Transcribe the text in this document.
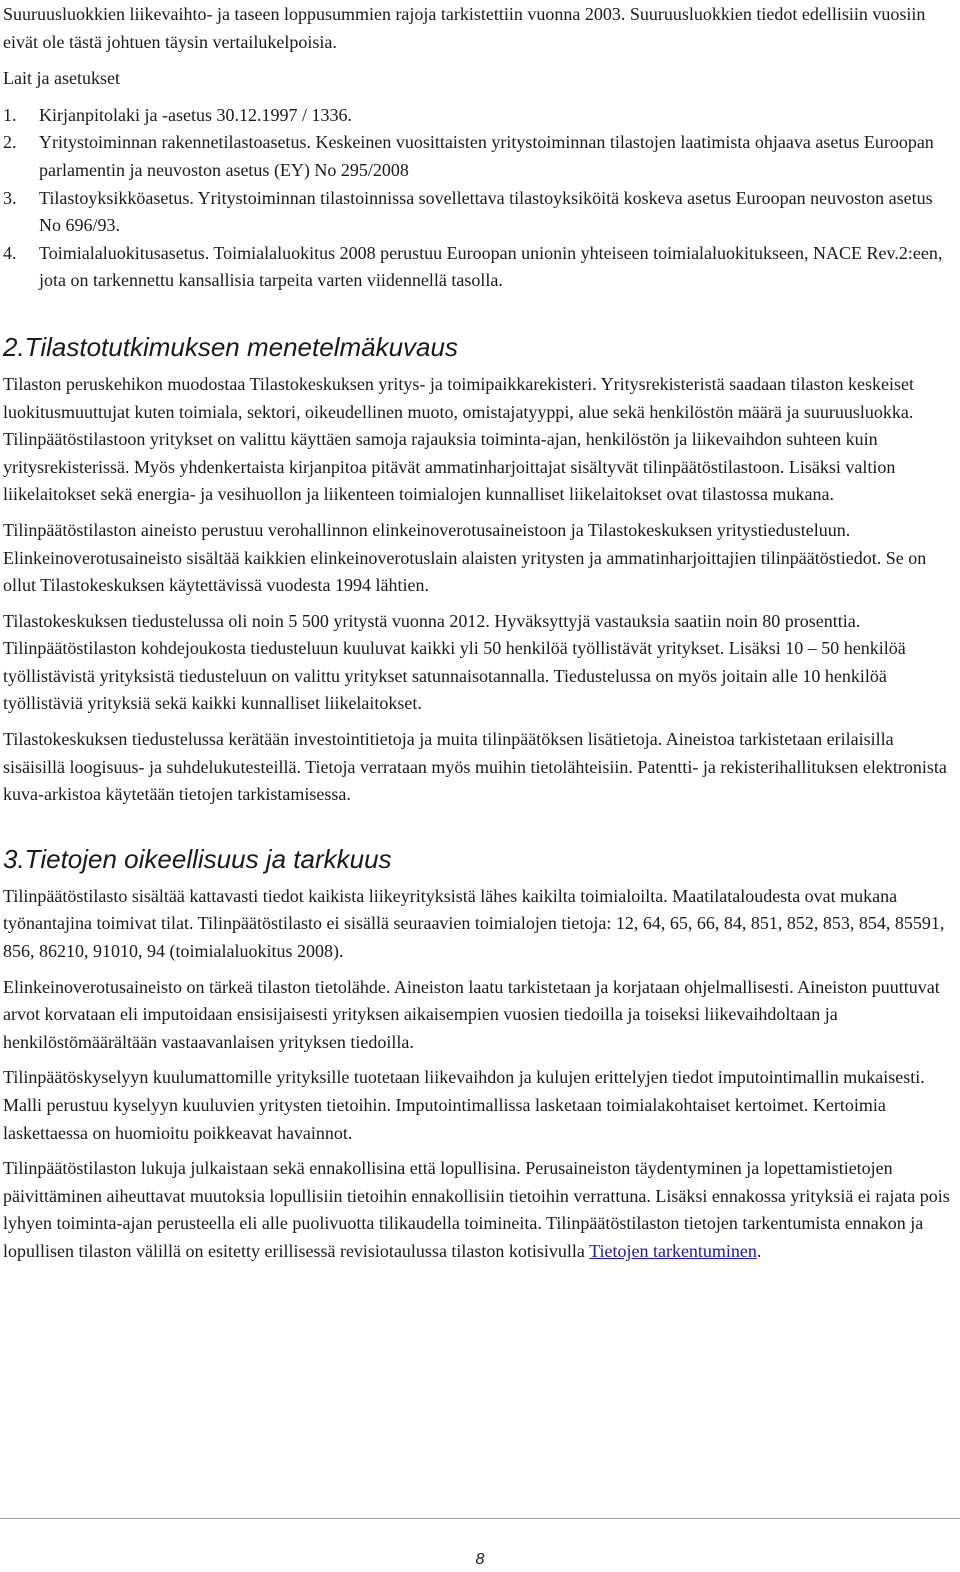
Suuruusluokkien liikevaihto- ja taseen loppusummien rajoja tarkistettiin vuonna 2003. Suuruusluokkien tiedot edellisiin vuosiin eivät ole tästä johtuen täysin vertailukelpoisia.

Lait ja asetukset

1. Kirjanpitolaki ja -asetus 30.12.1997 / 1336.
2. Yritystoiminnan rakennetilastoasetus. Keskeinen vuosittaisten yritystoiminnan tilastojen laatimista ohjaava asetus Euroopan parlamentin ja neuvoston asetus (EY) No 295/2008
3. Tilastoyksikköasetus. Yritystoiminnan tilastoinnissa sovellettava tilastoyksiköitä koskeva asetus Euroopan neuvoston asetus No 696/93.
4. Toimialaluokitusasetus. Toimialaluokitus 2008 perustuu Euroopan unionin yhteiseen toimialaluokitukseen, NACE Rev.2:een, jota on tarkennettu kansallisia tarpeita varten viidennellä tasolla.
2.Tilastotutkimuksen menetelmäkuvaus

Tilaston peruskehikon muodostaa Tilastokeskuksen yritys- ja toimipaikkarekisteri. Yritysrekisteristä saadaan tilaston keskeiset luokitusmuuttujat kuten toimiala, sektori, oikeudellinen muoto, omistajatyyppi, alue sekä henkilöstön määrä ja suuruusluokka. Tilinpäätöstilastoon yritykset on valittu käyttäen samoja rajauksia toiminta-ajan, henkilöstön ja liikevaihdon suhteen kuin yritysrekisterissä. Myös yhdenkertaista kirjanpitoa pitävät ammatinharjoittajat sisältyvät tilinpäätöstilastoon. Lisäksi valtion liikelaitokset sekä energia- ja vesihuollon ja liikenteen toimialojen kunnalliset liikelaitokset ovat tilastossa mukana.

Tilinpäätöstilaston aineisto perustuu verohallinnon elinkeinoverotusaineistoon ja Tilastokeskuksen yritystiedusteluun. Elinkeinoverotusaineisto sisältää kaikkien elinkeinoverotuslain alaisten yritysten ja ammatinharjoittajien tilinpäätöstiedot. Se on ollut Tilastokeskuksen käytettävissä vuodesta 1994 lähtien.

Tilastokeskuksen tiedustelussa oli noin 5 500 yritystä vuonna 2012. Hyväksyttyjä vastauksia saatiin noin 80 prosenttia. Tilinpäätöstilaston kohdejoukosta tiedusteluun kuuluvat kaikki yli 50 henkilöä työllistävät yritykset. Lisäksi 10 – 50 henkilöä työllistävistä yrityksistä tiedusteluun on valittu yritykset satunnaisotannalla. Tiedustelussa on myös joitain alle 10 henkilöä työllistäviä yrityksiä sekä kaikki kunnalliset liikelaitokset.

Tilastokeskuksen tiedustelussa kerätään investointitietoja ja muita tilinpäätöksen lisätietoja. Aineistoa tarkistetaan erilaisilla sisäisillä loogisuus- ja suhdelukutesteillä. Tietoja verrataan myös muihin tietolähteisiin. Patentti- ja rekisterihallituksen elektronista kuva-arkistoa käytetään tietojen tarkistamisessa.

3.Tietojen oikeellisuus ja tarkkuus

Tilinpäätöstilasto sisältää kattavasti tiedot kaikista liikeyrityksistä lähes kaikilta toimialoilta. Maatilataloudesta ovat mukana työnantajina toimivat tilat. Tilinpäätöstilasto ei sisällä seuraavien toimialojen tietoja: 12, 64, 65, 66, 84, 851, 852, 853, 854, 85591, 856, 86210, 91010, 94 (toimialaluokitus 2008).

Elinkeinoverotusaineisto on tärkeä tilaston tietolähde. Aineiston laatu tarkistetaan ja korjataan ohjelmallisesti. Aineiston puuttuvat arvot korvataan eli imputoidaan ensisijaisesti yrityksen aikaisempien vuosien tiedoilla ja toiseksi liikevaihdoltaan ja henkilöstömäärältään vastaavanlaisen yrityksen tiedoilla.

Tilinpäätöskyselyyn kuulumattomille yrityksille tuotetaan liikevaihdon ja kulujen erittelyjen tiedot imputointimallin mukaisesti. Malli perustuu kyselyyn kuuluvien yritysten tietoihin. Imputointimallissa lasketaan toimialakohtaiset kertoimet. Kertoimia laskettaessa on huomioitu poikkeavat havainnot.

Tilinpäätöstilaston lukuja julkaistaan sekä ennakollisina että lopullisina. Perusaineiston täydentyminen ja lopettamistietojen päivittäminen aiheuttavat muutoksia lopullisiin tietoihin ennakollisiin tietoihin verrattuna. Lisäksi ennakossa yrityksiä ei rajata pois lyhyen toiminta-ajan perusteella eli alle puolivuotta tilikaudella toimineita. Tilinpäätöstilaston tietojen tarkentumista ennakon ja lopullisen tilaston välillä on esitetty erillisessä revisiotaulussa tilaston kotisivulla Tietojen tarkentuminen.

8
